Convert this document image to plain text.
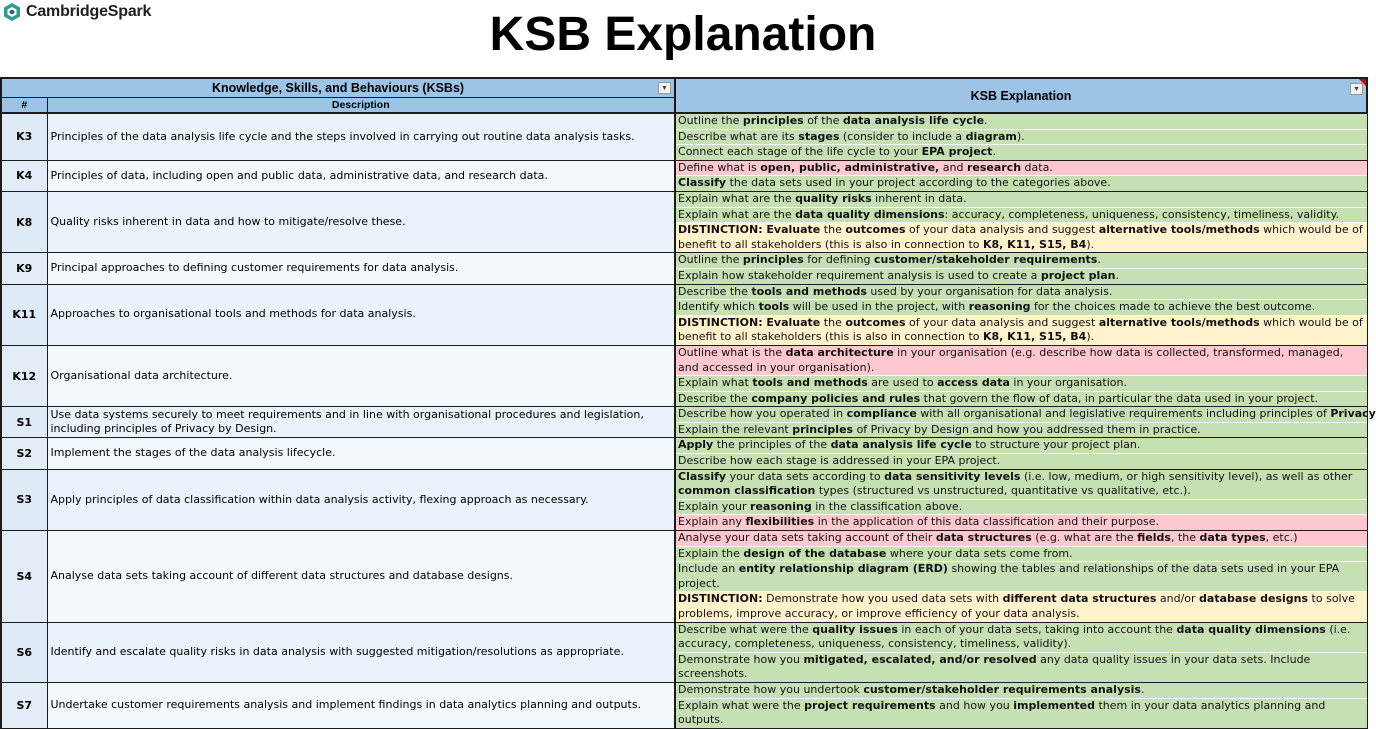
CambridgeSpark	KSB Explanation
Knowledge, Skills, and Behaviours (KSBs) ▼		KSB Explanation ▼

#	Description	
K3	Principles of the data analysis life cycle and the steps involved in carrying out routine data analysis tasks.	Outline the principles of the data analysis life cycle.
Describe what are its stages (consider to include a diagram).
Connect each stage of the life cycle to your EPA project.

K4	Principles of data, including open and public data, administrative data, and research data.	Define what is open, public, administrative, and research data.
Classify the data sets used in your project according to the categories above.

K8	Quality risks inherent in data and how to mitigate/resolve these.	Explain what are the quality risks inherent in data.
Explain what are the data quality dimensions: accuracy, completeness, uniqueness, consistency, timeliness, validity.
DISTINCTION: Evaluate the outcomes of your data analysis and suggest alternative tools/methods which would be of benefit to all stakeholders (this is also in connection to K8, K11, S15, B4).

K9	Principal approaches to defining customer requirements for data analysis.	Outline the principles for defining customer/stakeholder requirements.
Explain how stakeholder requirement analysis is used to create a project plan.

K11	Approaches to organisational tools and methods for data analysis.	Describe the tools and methods used by your organisation for data analysis.
Identify which tools will be used in the project, with reasoning for the choices made to achieve the best outcome.
DISTINCTION: Evaluate the outcomes of your data analysis and suggest alternative tools/methods which would be of benefit to all stakeholders (this is also in connection to K8, K11, S15, B4).

K12	Organisational data architecture.	Outline what is the data architecture in your organisation (e.g. describe how data is collected, transformed, managed, and accessed in your organisation).
Explain what tools and methods are used to access data in your organisation.
Describe the company policies and rules that govern the flow of data, in particular the data used in your project.

S1	Use data systems securely to meet requirements and in line with organisational procedures and legislation, including principles of Privacy by Design.	Describe how you operated in compliance with all organisational and legislative requirements including principles of Privacy
Explain the relevant principles of Privacy by Design and how you addressed them in practice.

S2	Implement the stages of the data analysis lifecycle.	Apply the principles of the data analysis life cycle to structure your project plan.
Describe how each stage is addressed in your EPA project.

S3	Apply principles of data classification within data analysis activity, flexing approach as necessary.	Classify your data sets according to data sensitivity levels (i.e. low, medium, or high sensitivity level), as well as other common classification types (structured vs unstructured, quantitative vs qualitative, etc.).
Explain your reasoning in the classification above.
Explain any flexibilities in the application of this data classification and their purpose.

S4	Analyse data sets taking account of different data structures and database designs.	Analyse your data sets taking account of their data structures (e.g. what are the fields, the data types, etc.)
Explain the design of the database where your data sets come from.
Include an entity relationship diagram (ERD) showing the tables and relationships of the data sets used in your EPA project.
DISTINCTION: Demonstrate how you used data sets with different data structures and/or database designs to solve problems, improve accuracy, or improve efficiency of your data analysis.

S6	Identify and escalate quality risks in data analysis with suggested mitigation/resolutions as appropriate.	Describe what were the quality issues in each of your data sets, taking into account the data quality dimensions (i.e. accuracy, completeness, uniqueness, consistency, timeliness, validity).
Demonstrate how you mitigated, escalated, and/or resolved any data quality issues in your data sets. Include screenshots.

S7	Undertake customer requirements analysis and implement findings in data analytics planning and outputs.	Demonstrate how you undertook customer/stakeholder requirements analysis.
Explain what were the project requirements and how you implemented them in your data analytics planning and outputs.
